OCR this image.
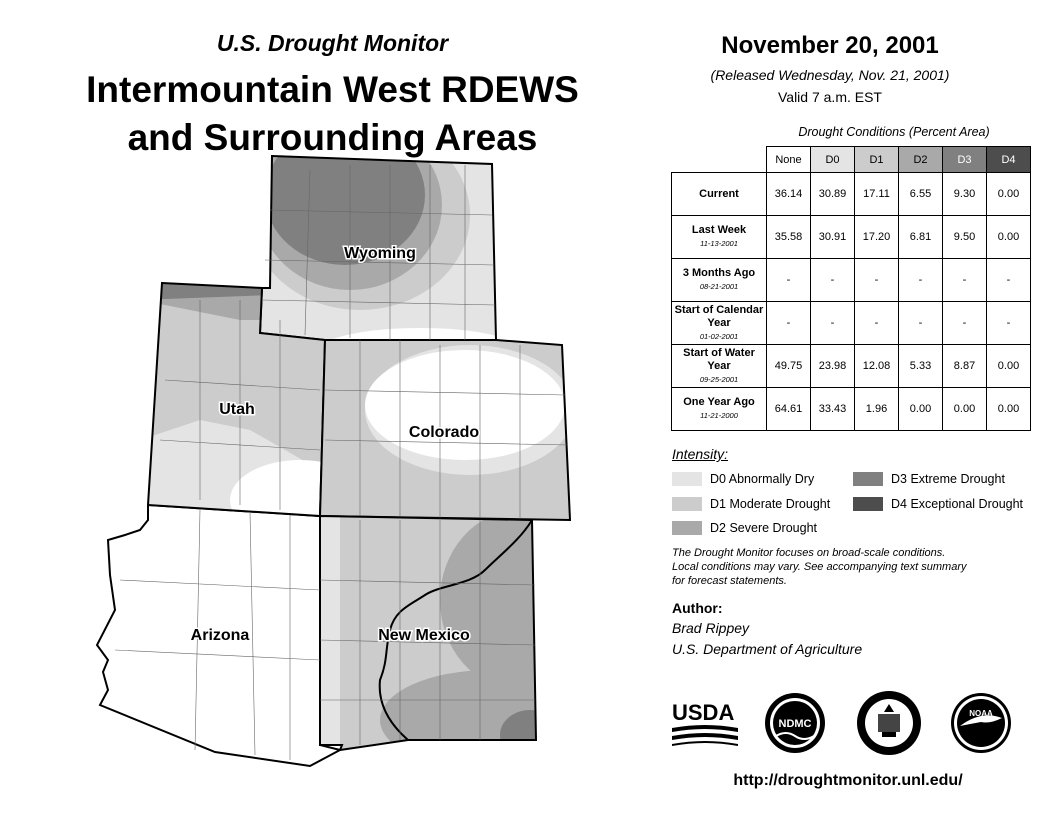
U.S. Drought Monitor
Intermountain West RDEWS
and Surrounding Areas
Wyoming
Utah
Colorado
Arizona	New Mexico
November 20, 2001
(Released Wednesday, Nov. 21, 2001)
Valid 7 a.m. EST
Drought Conditions (Percent Area)
	None	D0	D1	D2	D3	D4
Current	36.14	30.89	17.11	6.55	9.30	0.00
Last Week
11-13-2001	35.58	30.91	17.20	6.81	9.50	0.00
3 Months Ago
08-21-2001	-	-	-	-	-	-
Start of Calendar Year
01-02-2001	-	-	-	-	-	-
Start of Water Year
09-25-2001	49.75	23.98	12.08	5.33	8.87	0.00
One Year Ago
11-21-2000	64.61	33.43	1.96	0.00	0.00	0.00
Intensity:
D0 Abnormally Dry
D1 Moderate Drought
D2 Severe Drought
D3 Extreme Drought
D4 Exceptional Drought
The Drought Monitor focuses on broad-scale conditions.
Local conditions may vary. See accompanying text summary
for forecast statements.
Author:
Brad Rippey
U.S. Department of Agriculture
USDA	NDMC
NOAA
http://droughtmonitor.unl.edu/
